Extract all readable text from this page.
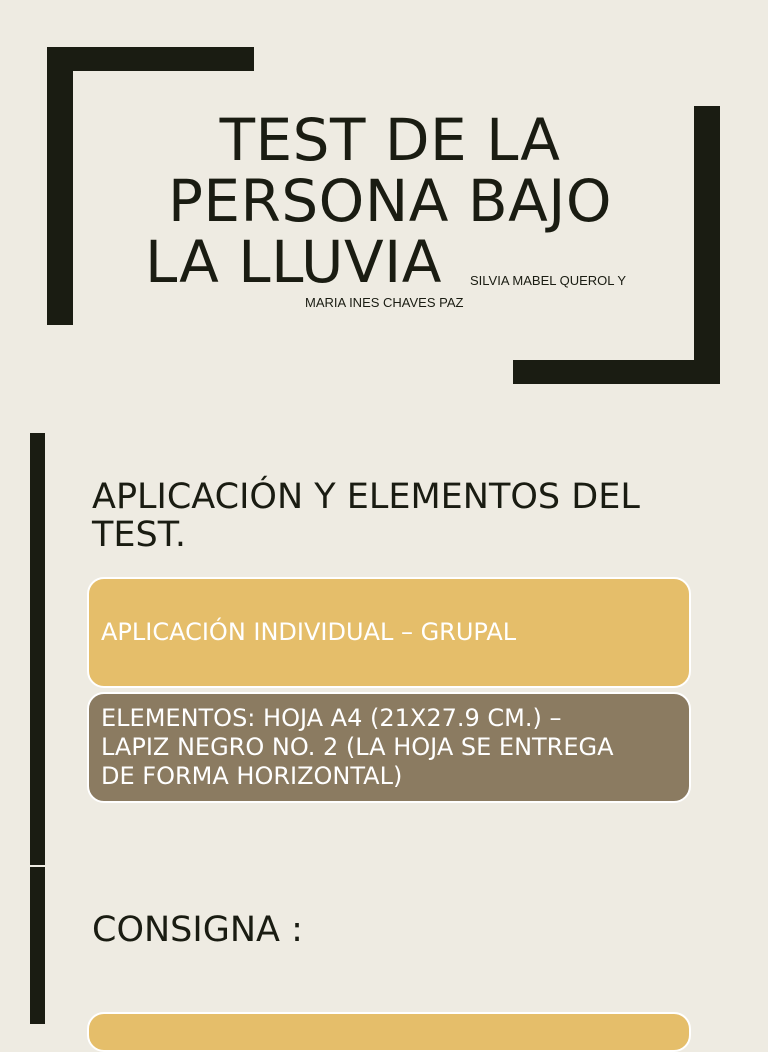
TEST DE LA
PERSONA BAJO
LA LLUVIA	SILVIA MABEL QUEROL Y
MARIA INES CHAVES PAZ
APLICACIÓN Y ELEMENTOS DEL
TEST.
APLICACIÓN INDIVIDUAL – GRUPAL
ELEMENTOS: HOJA A4 (21X27.9 CM.) –
LAPIZ NEGRO NO. 2 (LA HOJA SE ENTREGA
DE FORMA HORIZONTAL)
CONSIGNA :
